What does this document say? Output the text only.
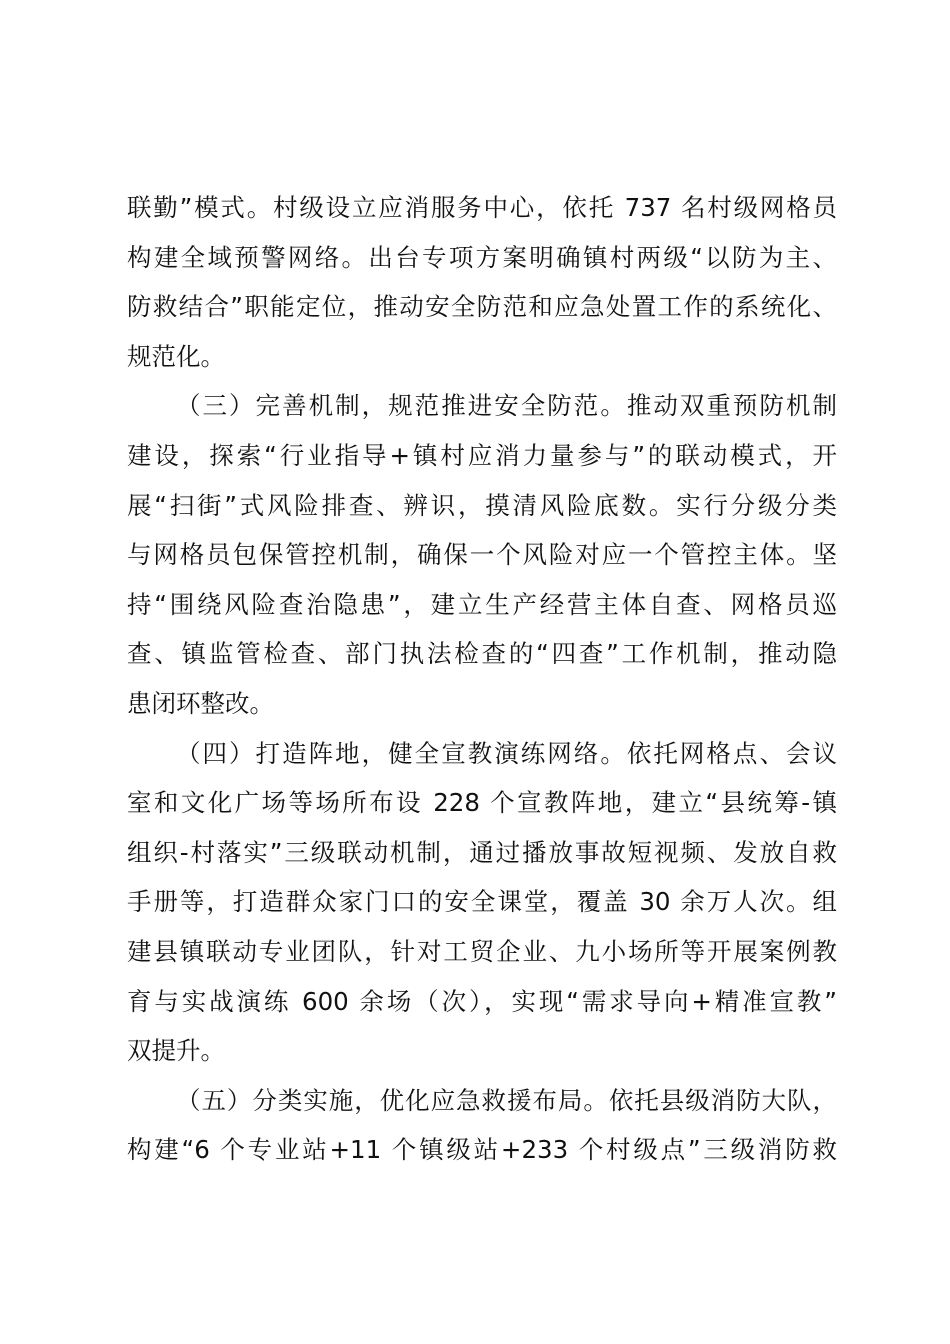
联勤”模式。村级设立应消服务中心，依托 737 名村级网格员
构建全域预警网络。出台专项方案明确镇村两级“以防为主、
防救结合”职能定位，推动安全防范和应急处置工作的系统化、
规范化。
（三）完善机制，规范推进安全防范。推动双重预防机制
建设，探索“行业指导+镇村应消力量参与”的联动模式，开
展“扫街”式风险排查、辨识，摸清风险底数。实行分级分类
与网格员包保管控机制，确保一个风险对应一个管控主体。坚
持“围绕风险查治隐患”，建立生产经营主体自查、网格员巡
查、镇监管检查、部门执法检查的“四查”工作机制，推动隐
患闭环整改。
（四）打造阵地，健全宣教演练网络。依托网格点、会议
室和文化广场等场所布设 228 个宣教阵地，建立“县统筹-镇
组织-村落实”三级联动机制，通过播放事故短视频、发放自救
手册等，打造群众家门口的安全课堂，覆盖 30 余万人次。组
建县镇联动专业团队，针对工贸企业、九小场所等开展案例教
育与实战演练 600 余场（次），实现“需求导向+精准宣教”
双提升。
（五）分类实施，优化应急救援布局。依托县级消防大队，
构建“6 个专业站+11 个镇级站+233 个村级点”三级消防救
